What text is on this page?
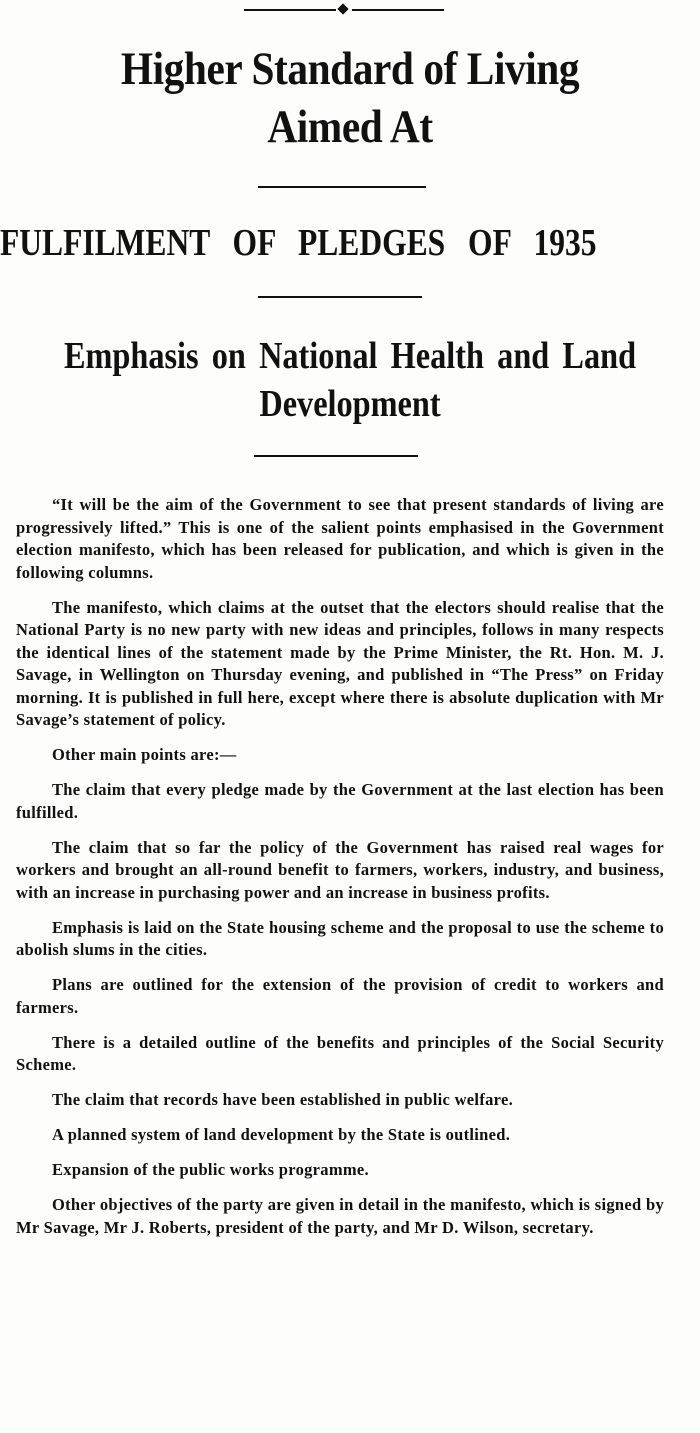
Higher Standard of Living
Aimed At
FULFILMENT OF PLEDGES OF 1935
Emphasis on National Health and Land
Development

“It will be the aim of the Government to see that present standards of living are progressively lifted.” This is one of the salient points emphasised in the Government election manifesto, which has been released for publication, and which is given in the following columns.

The manifesto, which claims at the outset that the electors should realise that the National Party is no new party with new ideas and principles, follows in many respects the identical lines of the statement made by the Prime Minister, the Rt. Hon. M. J. Savage, in Wellington on Thursday evening, and published in “The Press” on Friday morning. It is published in full here, except where there is absolute duplication with Mr Savage’s statement of policy.

Other main points are:—

The claim that every pledge made by the Government at the last election has been fulfilled.

The claim that so far the policy of the Government has raised real wages for workers and brought an all-round benefit to farmers, workers, industry, and business, with an increase in purchasing power and an increase in business profits.

Emphasis is laid on the State housing scheme and the proposal to use the scheme to abolish slums in the cities.

Plans are outlined for the extension of the provision of credit to workers and farmers.

There is a detailed outline of the benefits and principles of the Social Security Scheme.

The claim that records have been established in public welfare.

A planned system of land development by the State is outlined.

Expansion of the public works programme.

Other objectives of the party are given in detail in the manifesto, which is signed by Mr Savage, Mr J. Roberts, president of the party, and Mr D. Wilson, secretary.
